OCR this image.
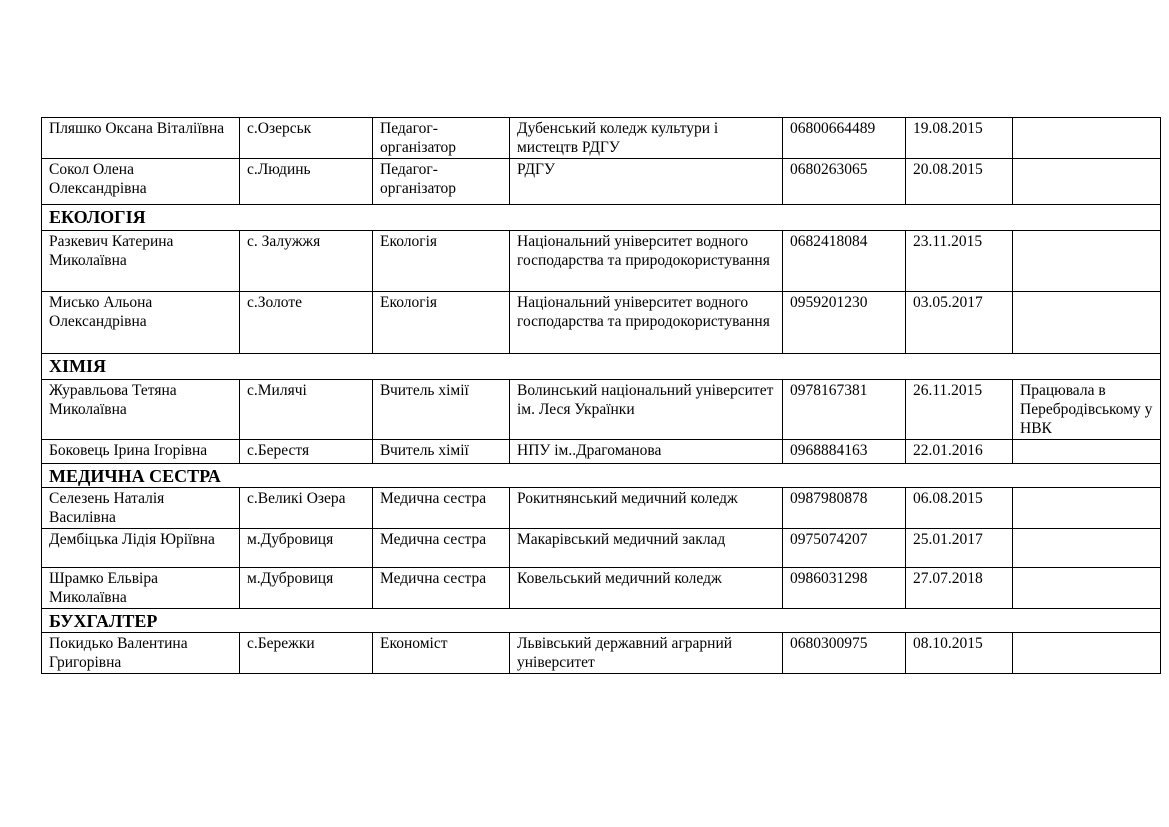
Пляшко Оксана Віталіївна	с.Озерськ	Педагог-організатор	Дубенський коледж культури і мистецтв РДГУ	06800664489	19.08.2015	
Сокол Олена Олександрівна	с.Людинь	Педагог-організатор	РДГУ	0680263065	20.08.2015	
ЕКОЛОГІЯ						
Разкевич Катерина Миколаївна	с. Залужжя	Екологія	Національний університет водного господарства та природокористування	0682418084	23.11.2015	
Мисько Альона Олександрівна	с.Золоте	Екологія	Національний університет водного господарства та природокористування	0959201230	03.05.2017	
ХІМІЯ						
Журавльова Тетяна Миколаївна	с.Милячі	Вчитель хімії	Волинський національний університет ім. Леся Українки	0978167381	26.11.2015	Працювала в Перебродівському у НВК
Боковець Ірина Ігорівна	с.Берестя	Вчитель хімії	НПУ ім..Драгоманова	0968884163	22.01.2016	
МЕДИЧНА СЕСТРА						
Селезень Наталія Василівна	с.Великі Озера	Медична сестра	Рокитнянський медичний коледж	0987980878	06.08.2015	
Дембіцька Лідія Юріївна	м.Дубровиця	Медична сестра	Макарівський медичний заклад	0975074207	25.01.2017	
Шрамко Ельвіра Миколаївна	м.Дубровиця	Медична сестра	Ковельський медичний коледж	0986031298	27.07.2018	
БУХГАЛТЕР						
Покидько Валентина Григорівна	с.Бережки	Економіст	Львівський державний аграрний університет	0680300975	08.10.2015	
